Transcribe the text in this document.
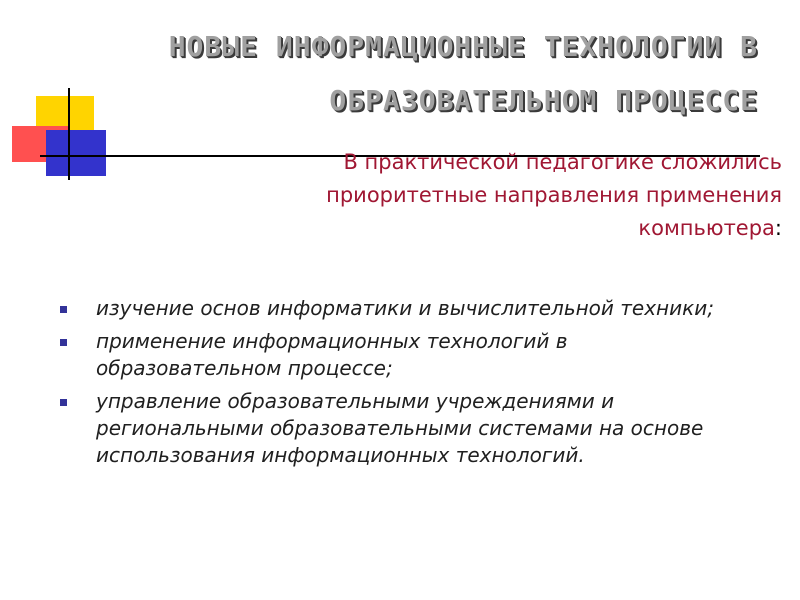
НОВЫЕ ИНФОРМАЦИОННЫЕ ТЕХНОЛОГИИ В
ОБРАЗОВАТЕЛЬНОМ ПРОЦЕССЕ

В практической педагогике сложились приоритетные направления применения компьютера:

изучение основ информатики и вычислительной техники;
применение информационных технологий в образовательном процессе;
управление образовательными учреждениями и региональными образовательными системами на основе использования информационных технологий.
